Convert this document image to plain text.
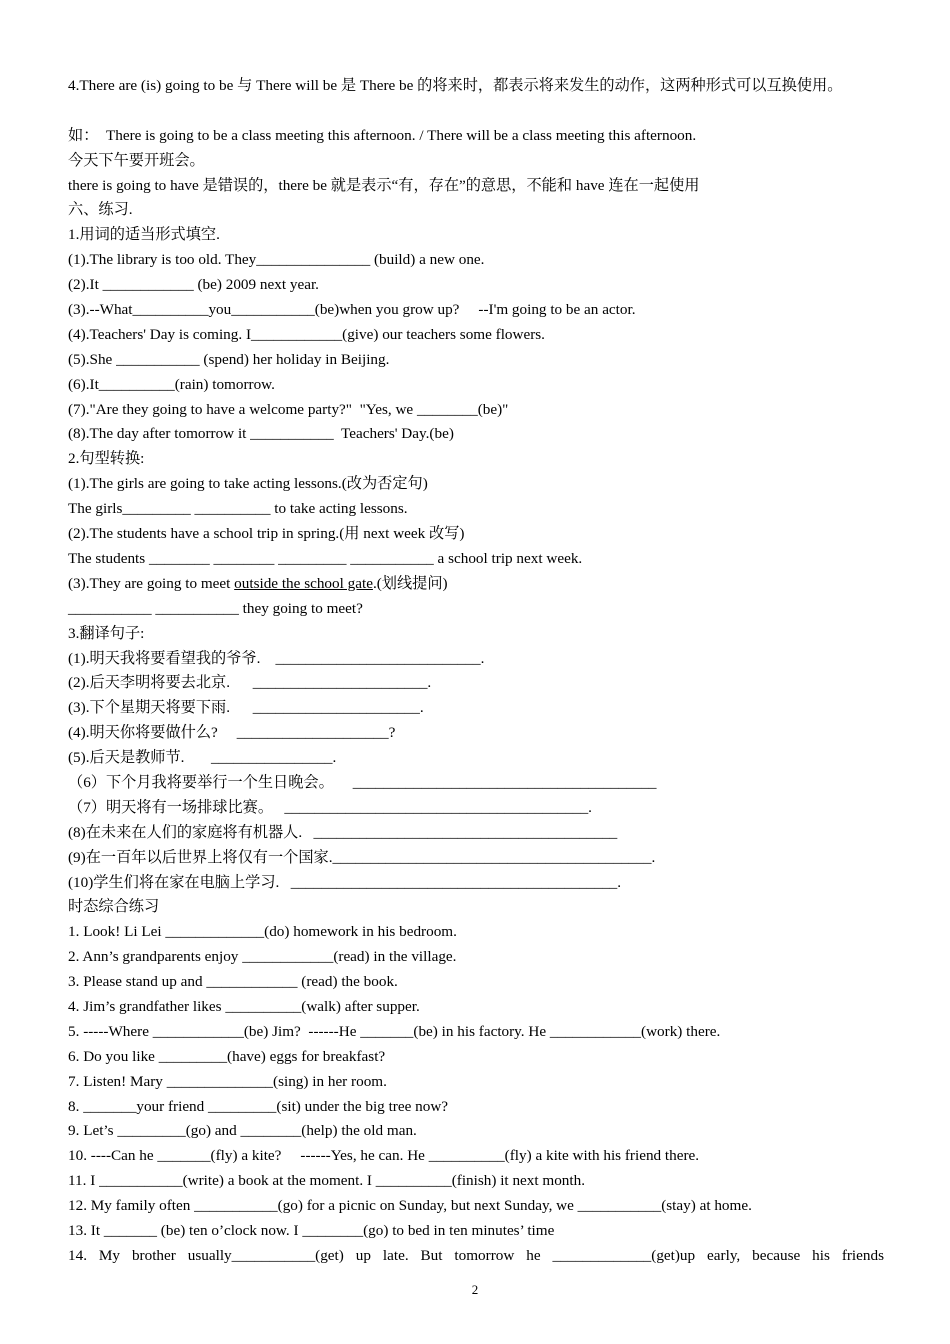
4.There are (is) going to be 与 There will be 是 There be 的将来时，都表示将来发生的动作，这两种形式可以互换使用。
如：  There is going to be a class meeting this afternoon. / There will be a class meeting this afternoon.
今天下午要开班会。
there is going to have 是错误的，there be 就是表示“有，存在”的意思，不能和 have 连在一起使用
六、练习.
1.用词的适当形式填空.
(1).The library is too old. They_______________ (build) a new one.
(2).It ____________ (be) 2009 next year.
(3).--What__________you___________(be)when you grow up?     --I'm going to be an actor.
(4).Teachers' Day is coming. I____________(give) our teachers some flowers.
(5).She ___________ (spend) her holiday in Beijing.
(6).It__________(rain) tomorrow.
(7)."Are they going to have a welcome party?"  "Yes, we ________(be)"
(8).The day after tomorrow it ___________  Teachers' Day.(be)
2.句型转换:
(1).The girls are going to take acting lessons.(改为否定句)
The girls_________ __________ to take acting lessons.
(2).The students have a school trip in spring.(用 next week 改写)
The students ________ ________ _________ ___________ a school trip next week.
(3).They are going to meet outside the school gate.(划线提问)
___________ ___________ they going to meet?
3.翻译句子:
(1).明天我将要看望我的爷爷.    ___________________________.
(2).后天李明将要去北京.      _______________________.
(3).下个星期天将要下雨.      ______________________.
(4).明天你将要做什么?     ____________________?
(5).后天是教师节.       ________________.
（6）下个月我将要举行一个生日晚会。     ________________________________________
（7）明天将有一场排球比赛。   ________________________________________.
(8)在未来在人们的家庭将有机器人.   ________________________________________
(9)在一百年以后世界上将仅有一个国家.__________________________________________.
(10)学生们将在家在电脑上学习.   ___________________________________________.
时态综合练习
1. Look! Li Lei _____________(do) homework in his bedroom.
2. Ann’s grandparents enjoy ____________(read) in the village.
3. Please stand up and ____________ (read) the book.
4. Jim’s grandfather likes __________(walk) after supper.
5. -----Where ____________(be) Jim?  ------He _______(be) in his factory. He ____________(work) there.
6. Do you like _________(have) eggs for breakfast?
7. Listen! Mary ______________(sing) in her room.
8. _______your friend _________(sit) under the big tree now?
9. Let’s _________(go) and ________(help) the old man.
10. ----Can he _______(fly) a kite?     ------Yes, he can. He __________(fly) a kite with his friend there.
11. I ___________(write) a book at the moment. I __________(finish) it next month.
12. My family often ___________(go) for a picnic on Sunday, but next Sunday, we ___________(stay) at home.
13. It _______ (be) ten o’clock now. I ________(go) to bed in ten minutes’ time
14. My brother usually___________(get) up late. But tomorrow he _____________(get)up early, because his friends
2
